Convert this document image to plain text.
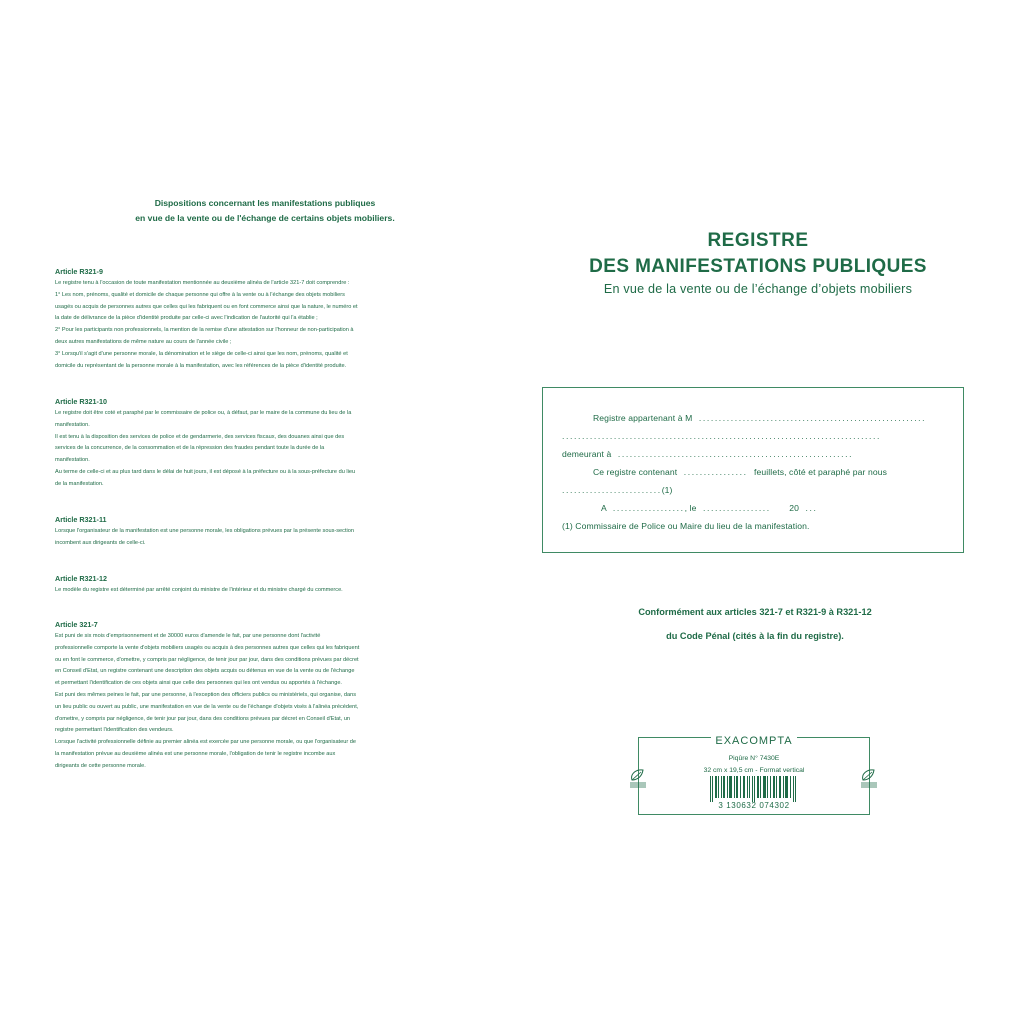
Dispositions concernant les manifestations publiques
en vue de la vente ou de l'échange de certains objets mobiliers.
Article R321-9

Le registre tenu à l'occasion de toute manifestation mentionnée au deuxième alinéa de l'article 321-7 doit comprendre :

1° Les nom, prénoms, qualité et domicile de chaque personne qui offre à la vente ou à l'échange des objets mobiliers

usagés ou acquis de personnes autres que celles qui les fabriquent ou en font commerce ainsi que la nature, le numéro et

la date de délivrance de la pièce d'identité produite par celle-ci avec l'indication de l'autorité qui l'a établie ;

2° Pour les participants non professionnels, la mention de la remise d'une attestation sur l'honneur de non-participation à

deux autres manifestations de même nature au cours de l'année civile ;

3° Lorsqu'il s'agit d'une personne morale, la dénomination et le siège de celle-ci ainsi que les nom, prénoms, qualité et

domicile du représentant de la personne morale à la manifestation, avec les références de la pièce d'identité produite.

Article R321-10

Le registre doit être coté et paraphé par le commissaire de police ou, à défaut, par le maire de la commune du lieu de la

manifestation.

Il est tenu à la disposition des services de police et de gendarmerie, des services fiscaux, des douanes ainsi que des

services de la concurrence, de la consommation et de la répression des fraudes pendant toute la durée de la

manifestation.

Au terme de celle-ci et au plus tard dans le délai de huit jours, il est déposé à la préfecture ou à la sous-préfecture du lieu

de la manifestation.

Article R321-11

Lorsque l'organisateur de la manifestation est une personne morale, les obligations prévues par la présente sous-section

incombent aux dirigeants de celle-ci.

Article R321-12

Le modèle du registre est déterminé par arrêté conjoint du ministre de l'intérieur et du ministre chargé du commerce.

Article 321-7

Est puni de six mois d'emprisonnement et de 30000 euros d'amende le fait, par une personne dont l'activité

professionnelle comporte la vente d'objets mobiliers usagés ou acquis à des personnes autres que celles qui les fabriquent

ou en font le commerce, d'omettre, y compris par négligence, de tenir jour par jour, dans des conditions prévues par décret

en Conseil d'Etat, un registre contenant une description des objets acquis ou détenus en vue de la vente ou de l'échange

et permettant l'identification de ces objets ainsi que celle des personnes qui les ont vendus ou apportés à l'échange.

Est puni des mêmes peines le fait, par une personne, à l'exception des officiers publics ou ministériels, qui organise, dans

un lieu public ou ouvert au public, une manifestation en vue de la vente ou de l'échange d'objets visés à l'alinéa précédent,

d'omettre, y compris par négligence, de tenir jour par jour, dans des conditions prévues par décret en Conseil d'Etat, un

registre permettant l'identification des vendeurs.

Lorsque l'activité professionnelle définie au premier alinéa est exercée par une personne morale, ou que l'organisateur de

la manifestation prévue au deuxième alinéa est une personne morale, l'obligation de tenir le registre incombe aux

dirigeants de cette personne morale.

REGISTRE
DES MANIFESTATIONS PUBLIQUES
En vue de la vente ou de l’échange d’objets mobiliers
Registre appartenant à M  .........................................................
................................................................................
demeurant à  ...........................................................
Ce registre contenant  ................  feuillets, côté et paraphé par nous
.........................(1)
A  .................., le  .................     20  ...
(1) Commissaire de Police ou Maire du lieu de la manifestation.
Conformément aux articles 321-7 et R321-9 à R321-12
du Code Pénal (cités à la fin du registre).
EXACOMPTA
Piqûre N° 7430E
32 cm x 19,5 cm - Format vertical
3 130632 074302
